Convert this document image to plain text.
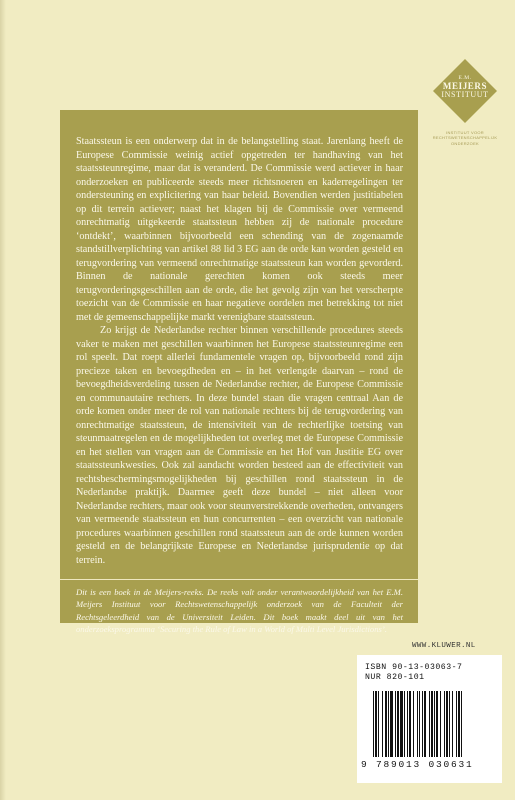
E.M.
MEIJERS
INSTITUUT
INSTITUUT VOOR
RECHTSWETENSCHAPPELIJK
ONDERZOEK

Staatssteun is een onderwerp dat in de belangstelling staat. Jarenlang heeft de Europese Commissie weinig actief opgetreden ter handhaving van het staatssteunregime, maar dat is veranderd. De Commissie werd actiever in haar onderzoeken en publiceerde steeds meer richtsnoeren en kaderregelingen ter ondersteuning en explicitering van haar beleid. Bovendien werden justitiabelen op dit terrein actiever; naast het klagen bij de Commissie over vermeend onrechtmatig uitgekeerde staatssteun hebben zij de nationale procedure ‘ontdekt’, waarbinnen bijvoorbeeld een schending van de zogenaamde standstillverplichting van artikel 88 lid 3 EG aan de orde kan worden gesteld en terugvordering van vermeend onrechtmatige staatssteun kan worden gevorderd. Binnen de nationale gerechten komen ook steeds meer terugvorderingsgeschillen aan de orde, die het gevolg zijn van het verscherpte toezicht van de Commissie en haar negatieve oordelen met betrekking tot niet met de gemeenschappelijke markt verenigbare staatssteun.

Zo krijgt de Nederlandse rechter binnen verschillende procedures steeds vaker te maken met geschillen waarbinnen het Europese staatssteunregime een rol speelt. Dat roept allerlei fundamentele vragen op, bijvoorbeeld rond zijn precieze taken en bevoegdheden en – in het verlengde daarvan – rond de bevoegdheidsverdeling tussen de Nederlandse rechter, de Europese Commissie en communautaire rechters. In deze bundel staan die vragen centraal Aan de orde komen onder meer de rol van nationale rechters bij de terugvordering van onrechtmatige staatssteun, de intensiviteit van de rechterlijke toetsing van steunmaatregelen en de mogelijkheden tot overleg met de Europese Commissie en het stellen van vragen aan de Commissie en het Hof van Justitie EG over staatssteunkwesties. Ook zal aandacht worden besteed aan de effectiviteit van rechtsbeschermingsmogelijkheden bij geschillen rond staatssteun in de Nederlandse praktijk. Daarmee geeft deze bundel – niet alleen voor Nederlandse rechters, maar ook voor steunverstrekkende overheden, ontvangers van vermeende staatssteun en hun concurrenten – een overzicht van nationale procedures waarbinnen geschillen rond staatssteun aan de orde kunnen worden gesteld en de belangrijkste Europese en Nederlandse jurisprudentie op dat terrein.

Dit is een boek in de Meijers-reeks. De reeks valt onder verantwoordelijkheid van het E.M. Meijers Instituut voor Rechtswetenschappelijk onderzoek van de Faculteit der Rechtsgeleerdheid van de Universiteit Leiden. Dit boek maakt deel uit van het onderzoeksprogramma ‘Securing the Rule of Law in a World of Multi Level Jurisdictions’.

WWW.KLUWER.NL
ISBN 90-13-03063-7
NUR 820-101
9 789013 030631
